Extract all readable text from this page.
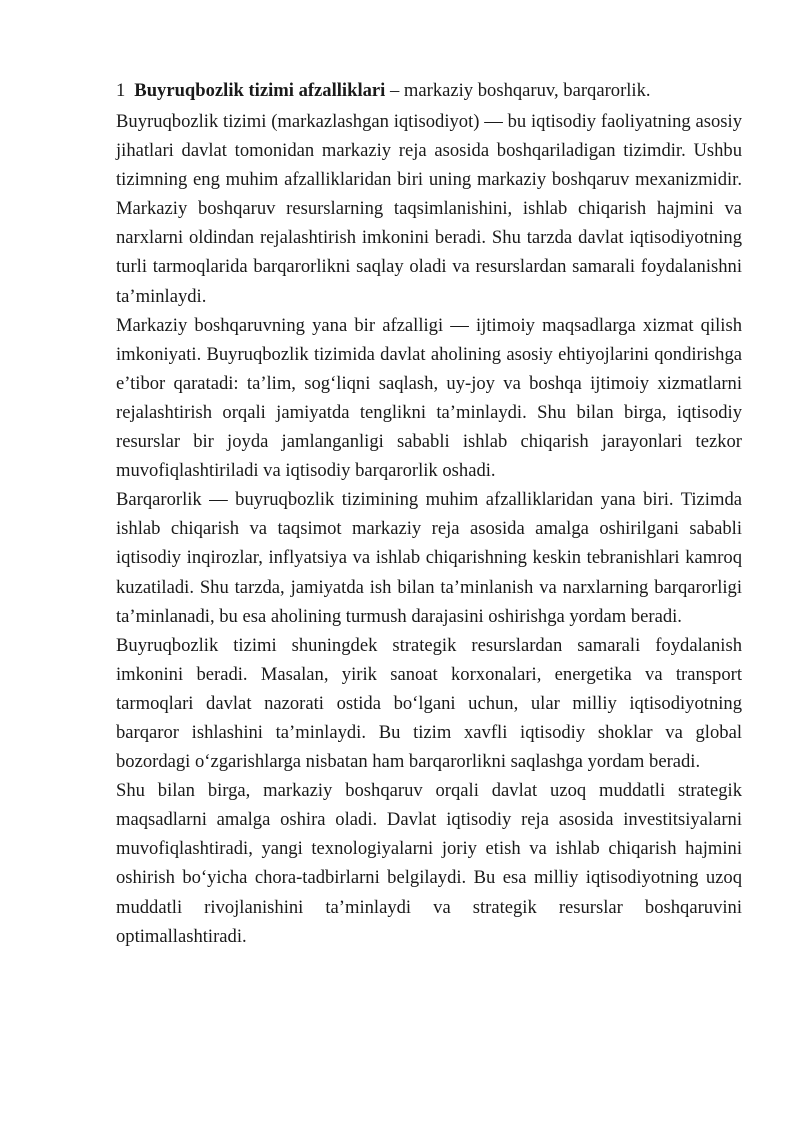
1 Buyruqbozlik tizimi afzalliklari – markaziy boshqaruv, barqarorlik.

Buyruqbozlik tizimi (markazlashgan iqtisodiyot) — bu iqtisodiy faoliyatning asosiy jihatlari davlat tomonidan markaziy reja asosida boshqariladigan tizimdir. Ushbu tizimning eng muhim afzalliklaridan biri uning markaziy boshqaruv mexanizmidir. Markaziy boshqaruv resurslarning taqsimlanishini, ishlab chiqarish hajmini va narxlarni oldindan rejalashtirish imkonini beradi. Shu tarzda davlat iqtisodiyotning turli tarmoqlarida barqarorlikni saqlay oladi va resurslardan samarali foydalanishni ta’minlaydi.

Markaziy boshqaruvning yana bir afzalligi — ijtimoiy maqsadlarga xizmat qilish imkoniyati. Buyruqbozlik tizimida davlat aholining asosiy ehtiyojlarini qondirishga e’tibor qaratadi: ta’lim, sog‘liqni saqlash, uy-joy va boshqa ijtimoiy xizmatlarni rejalashtirish orqali jamiyatda tenglikni ta’minlaydi. Shu bilan birga, iqtisodiy resurslar bir joyda jamlanganligi sababli ishlab chiqarish jarayonlari tezkor muvofiqlashtiriladi va iqtisodiy barqarorlik oshadi.

Barqarorlik — buyruqbozlik tizimining muhim afzalliklaridan yana biri. Tizimda ishlab chiqarish va taqsimot markaziy reja asosida amalga oshirilgani sababli iqtisodiy inqirozlar, inflyatsiya va ishlab chiqarishning keskin tebranishlari kamroq kuzatiladi. Shu tarzda, jamiyatda ish bilan ta’minlanish va narxlarning barqarorligi ta’minlanadi, bu esa aholining turmush darajasini oshirishga yordam beradi.

Buyruqbozlik tizimi shuningdek strategik resurslardan samarali foydalanish imkonini beradi. Masalan, yirik sanoat korxonalari, energetika va transport tarmoqlari davlat nazorati ostida bo‘lgani uchun, ular milliy iqtisodiyotning barqaror ishlashini ta’minlaydi. Bu tizim xavfli iqtisodiy shoklar va global bozordagi o‘zgarishlarga nisbatan ham barqarorlikni saqlashga yordam beradi.

Shu bilan birga, markaziy boshqaruv orqali davlat uzoq muddatli strategik maqsadlarni amalga oshira oladi. Davlat iqtisodiy reja asosida investitsiyalarni muvofiqlashtiradi, yangi texnologiyalarni joriy etish va ishlab chiqarish hajmini oshirish bo‘yicha chora-tadbirlarni belgilaydi. Bu esa milliy iqtisodiyotning uzoq muddatli rivojlanishini ta’minlaydi va strategik resurslar boshqaruvini optimallashtiradi.
